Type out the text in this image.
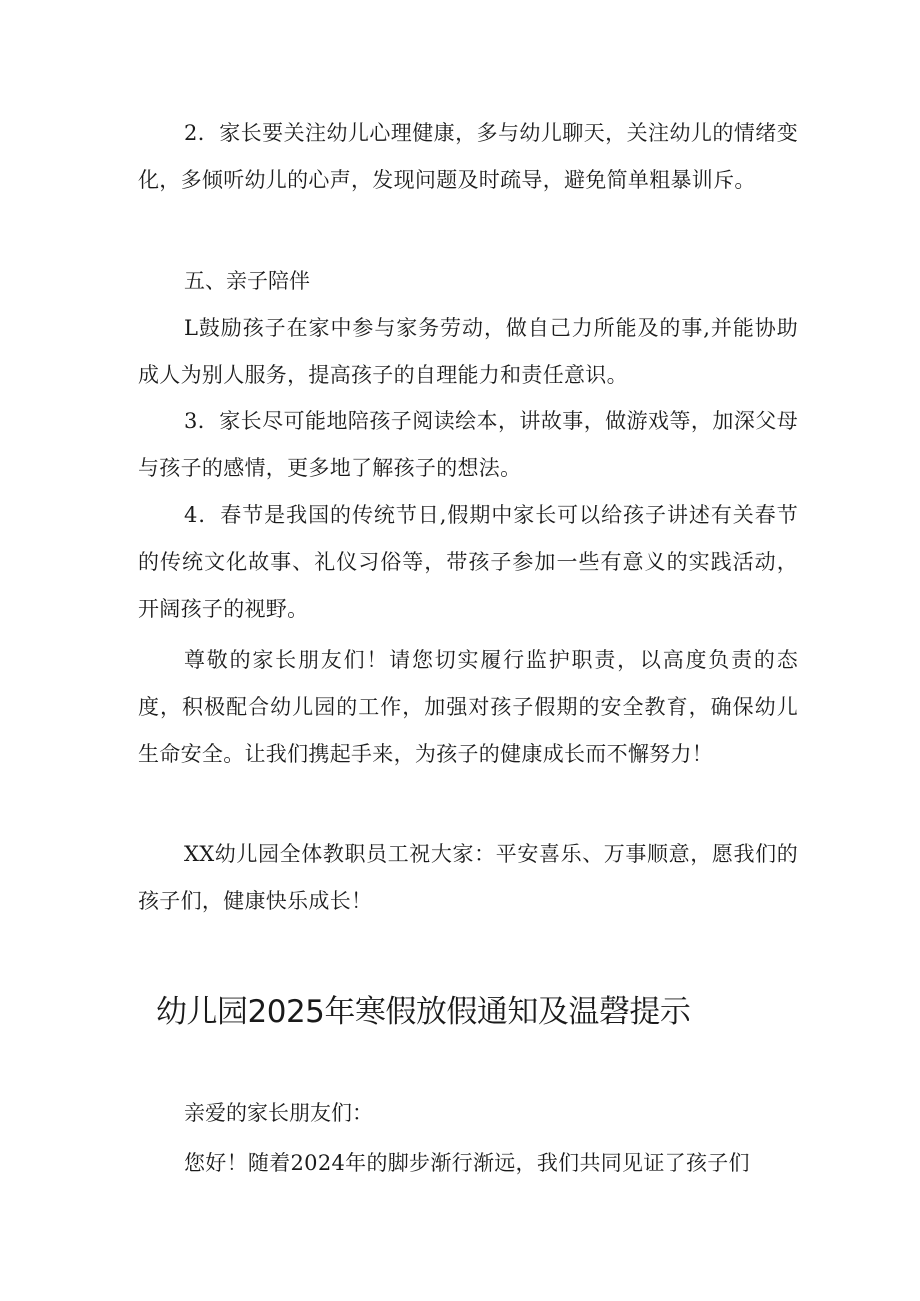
2．家长要关注幼儿心理健康，多与幼儿聊天，关注幼儿的情绪变化，多倾听幼儿的心声，发现问题及时疏导，避免简单粗暴训斥。

五、亲子陪伴

L鼓励孩子在家中参与家务劳动，做自己力所能及的事,并能协助成人为别人服务，提高孩子的自理能力和责任意识。

3．家长尽可能地陪孩子阅读绘本，讲故事，做游戏等，加深父母与孩子的感情，更多地了解孩子的想法。

4．春节是我国的传统节日,假期中家长可以给孩子讲述有关春节的传统文化故事、礼仪习俗等，带孩子参加一些有意义的实践活动，开阔孩子的视野。

尊敬的家长朋友们！请您切实履行监护职责，以高度负责的态度，积极配合幼儿园的工作，加强对孩子假期的安全教育，确保幼儿生命安全。让我们携起手来，为孩子的健康成长而不懈努力！

XX幼儿园全体教职员工祝大家：平安喜乐、万事顺意，愿我们的孩子们，健康快乐成长！

幼儿园2025年寒假放假通知及温磬提示

亲爱的家长朋友们：

您好！随着2024年的脚步渐行渐远，我们共同见证了孩子们
